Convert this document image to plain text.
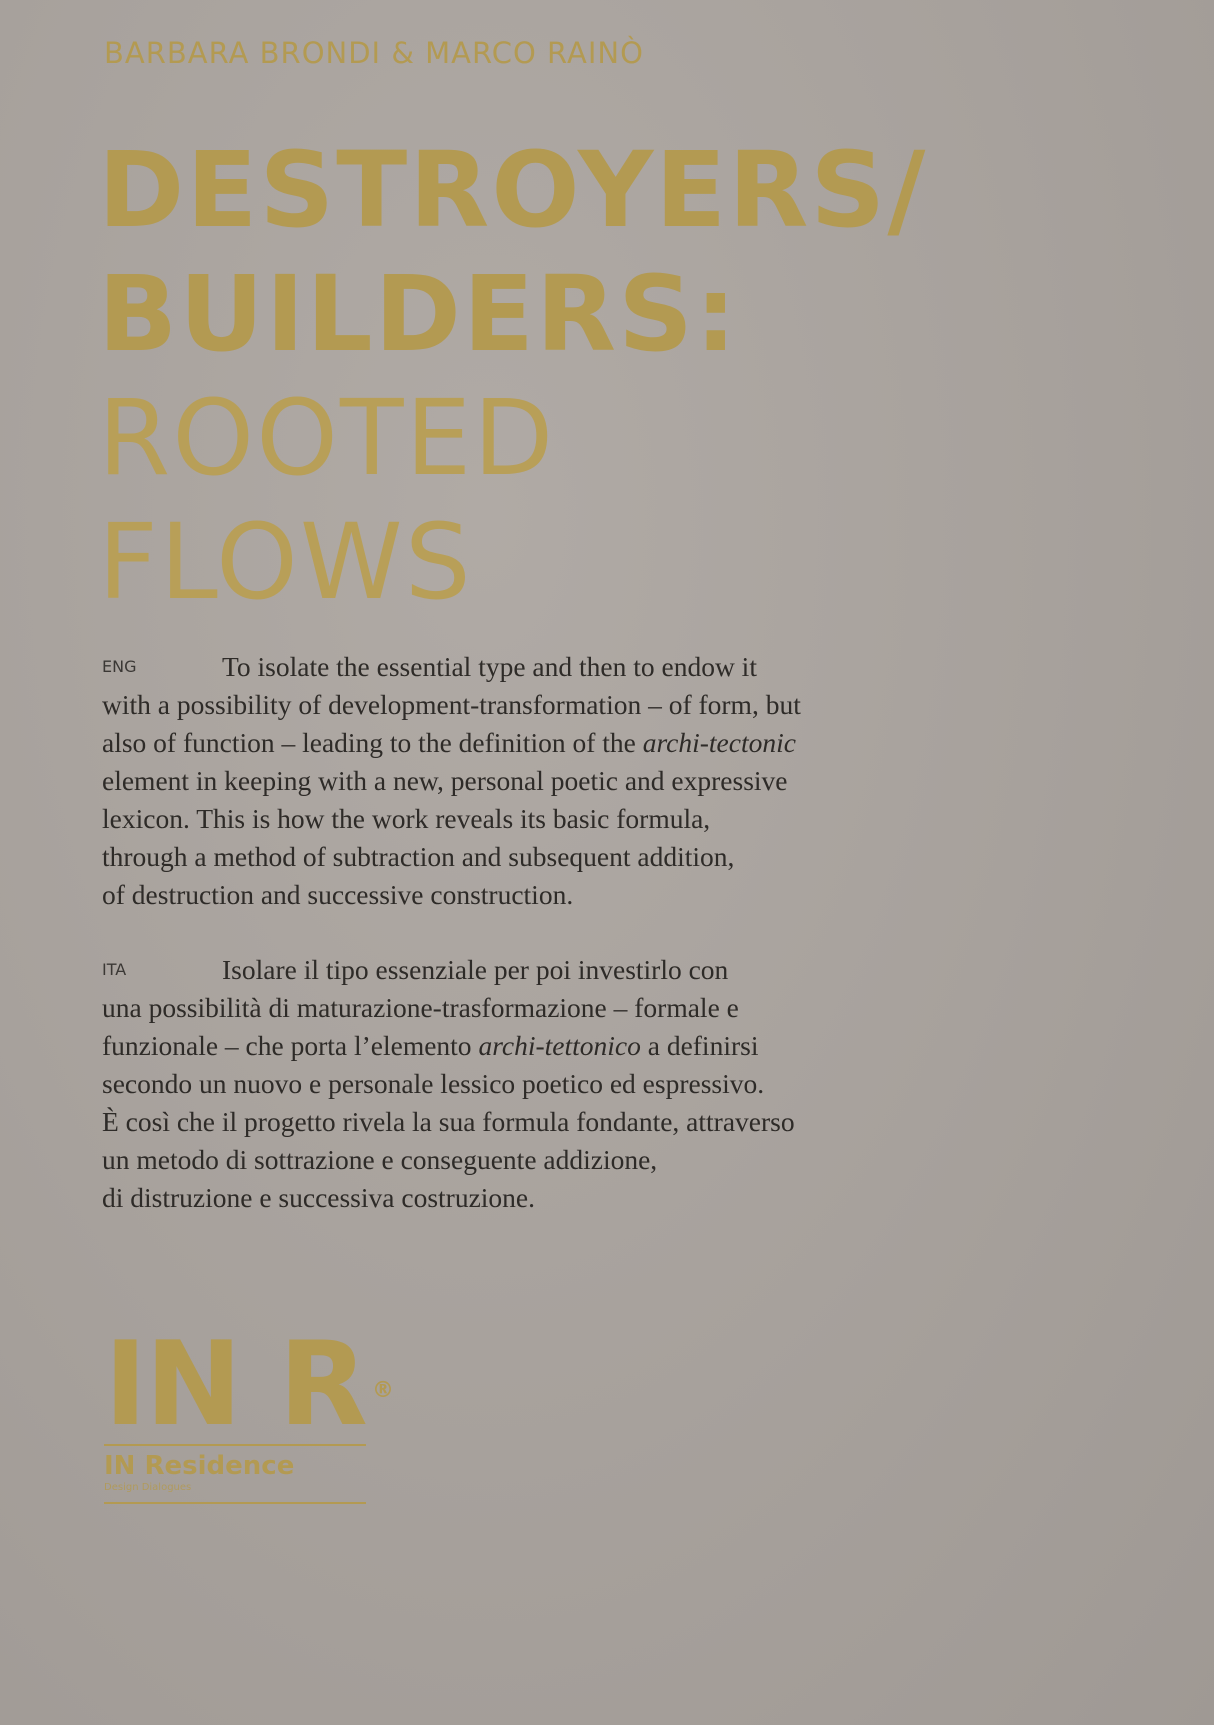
BARBARA BRONDI & MARCO RAINÒ
DESTROYERS/
BUILDERS:
ROOTED
FLOWS
ENG	To isolate the essential type and then to endow it
with a possibility of development-transformation – of form, but
also of function – leading to the definition of the archi-tectonic
element in keeping with a new, personal poetic and expressive
lexicon. This is how the work reveals its basic formula,
through a method of subtraction and subsequent addition,
of destruction and successive construction.
ITA	Isolare il tipo essenziale per poi investirlo con
una possibilità di maturazione-trasformazione – formale e
funzionale – che porta l’elemento archi-tettonico a definirsi
secondo un nuovo e personale lessico poetico ed espressivo.
È così che il progetto rivela la sua formula fondante, attraverso
un metodo di sottrazione e conseguente addizione,
di distruzione e successiva costruzione.
IN R ®
IN Residence
Design Dialogues
